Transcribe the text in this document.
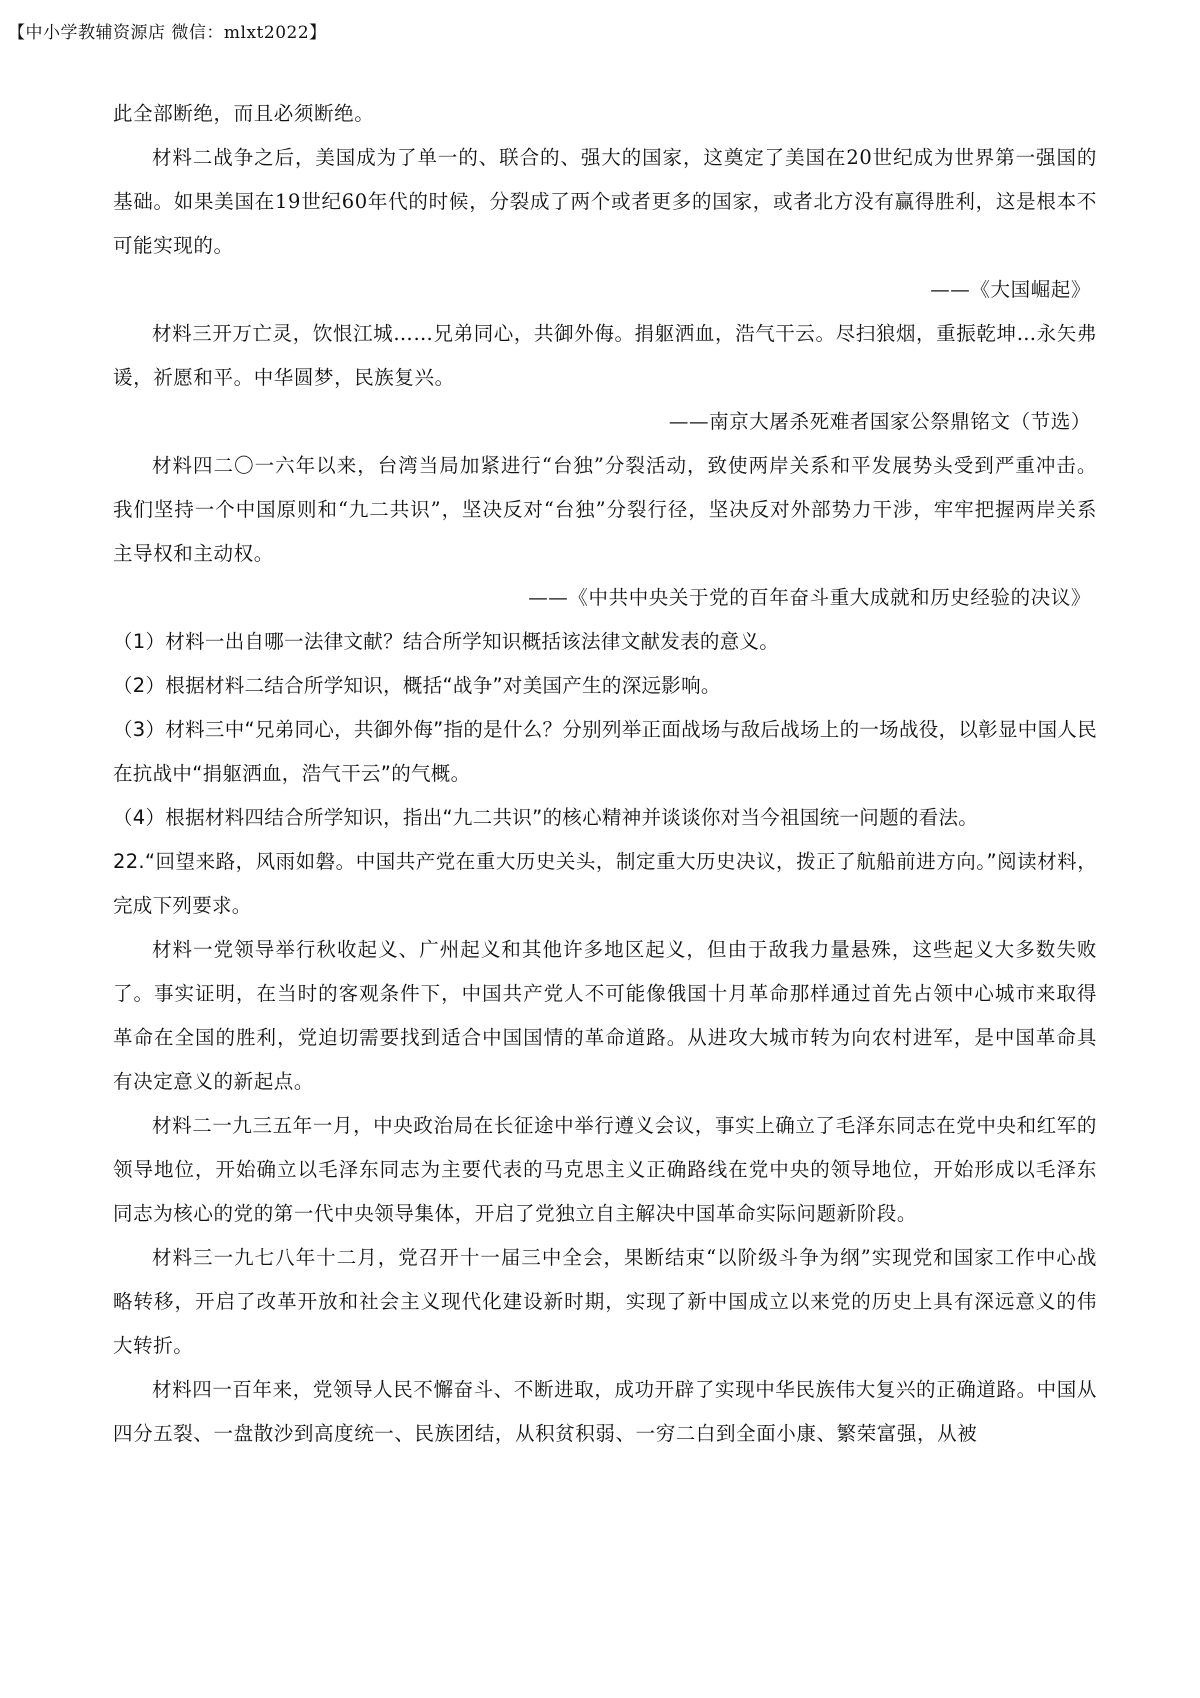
【中小学教辅资源店 微信：mlxt2022】

此全部断绝，而且必须断绝。

材料二战争之后，美国成为了单一的、联合的、强大的国家，这奠定了美国在20世纪成为世界第一强国的基础。如果美国在19世纪60年代的时候，分裂成了两个或者更多的国家，或者北方没有赢得胜利，这是根本不可能实现的。

——《大国崛起》

材料三开万亡灵，饮恨江城……兄弟同心，共御外侮。捐躯洒血，浩气干云。尽扫狼烟，重振乾坤…永矢弗谖，祈愿和平。中华圆梦，民族复兴。

——南京大屠杀死难者国家公祭鼎铭文（节选）

材料四二〇一六年以来，台湾当局加紧进行“台独”分裂活动，致使两岸关系和平发展势头受到严重冲击。我们坚持一个中国原则和“九二共识”，坚决反对“台独”分裂行径，坚决反对外部势力干涉，牢牢把握两岸关系主导权和主动权。

——《中共中央关于党的百年奋斗重大成就和历史经验的决议》

（1）材料一出自哪一法律文献？结合所学知识概括该法律文献发表的意义。

（2）根据材料二结合所学知识，概括“战争”对美国产生的深远影响。

（3）材料三中“兄弟同心，共御外侮”指的是什么？分别列举正面战场与敌后战场上的一场战役，以彰显中国人民在抗战中“捐躯洒血，浩气干云”的气概。

（4）根据材料四结合所学知识，指出“九二共识”的核心精神并谈谈你对当今祖国统一问题的看法。

22.“回望来路，风雨如磐。中国共产党在重大历史关头，制定重大历史决议，拨正了航船前进方向。”阅读材料，完成下列要求。

材料一党领导举行秋收起义、广州起义和其他许多地区起义，但由于敌我力量悬殊，这些起义大多数失败了。事实证明，在当时的客观条件下，中国共产党人不可能像俄国十月革命那样通过首先占领中心城市来取得革命在全国的胜利，党迫切需要找到适合中国国情的革命道路。从进攻大城市转为向农村进军，是中国革命具有决定意义的新起点。

材料二一九三五年一月，中央政治局在长征途中举行遵义会议，事实上确立了毛泽东同志在党中央和红军的领导地位，开始确立以毛泽东同志为主要代表的马克思主义正确路线在党中央的领导地位，开始形成以毛泽东同志为核心的党的第一代中央领导集体，开启了党独立自主解决中国革命实际问题新阶段。

材料三一九七八年十二月，党召开十一届三中全会，果断结束“以阶级斗争为纲”实现党和国家工作中心战略转移，开启了改革开放和社会主义现代化建设新时期，实现了新中国成立以来党的历史上具有深远意义的伟大转折。

材料四一百年来，党领导人民不懈奋斗、不断进取，成功开辟了实现中华民族伟大复兴的正确道路。中国从四分五裂、一盘散沙到高度统一、民族团结，从积贫积弱、一穷二白到全面小康、繁荣富强，从被
